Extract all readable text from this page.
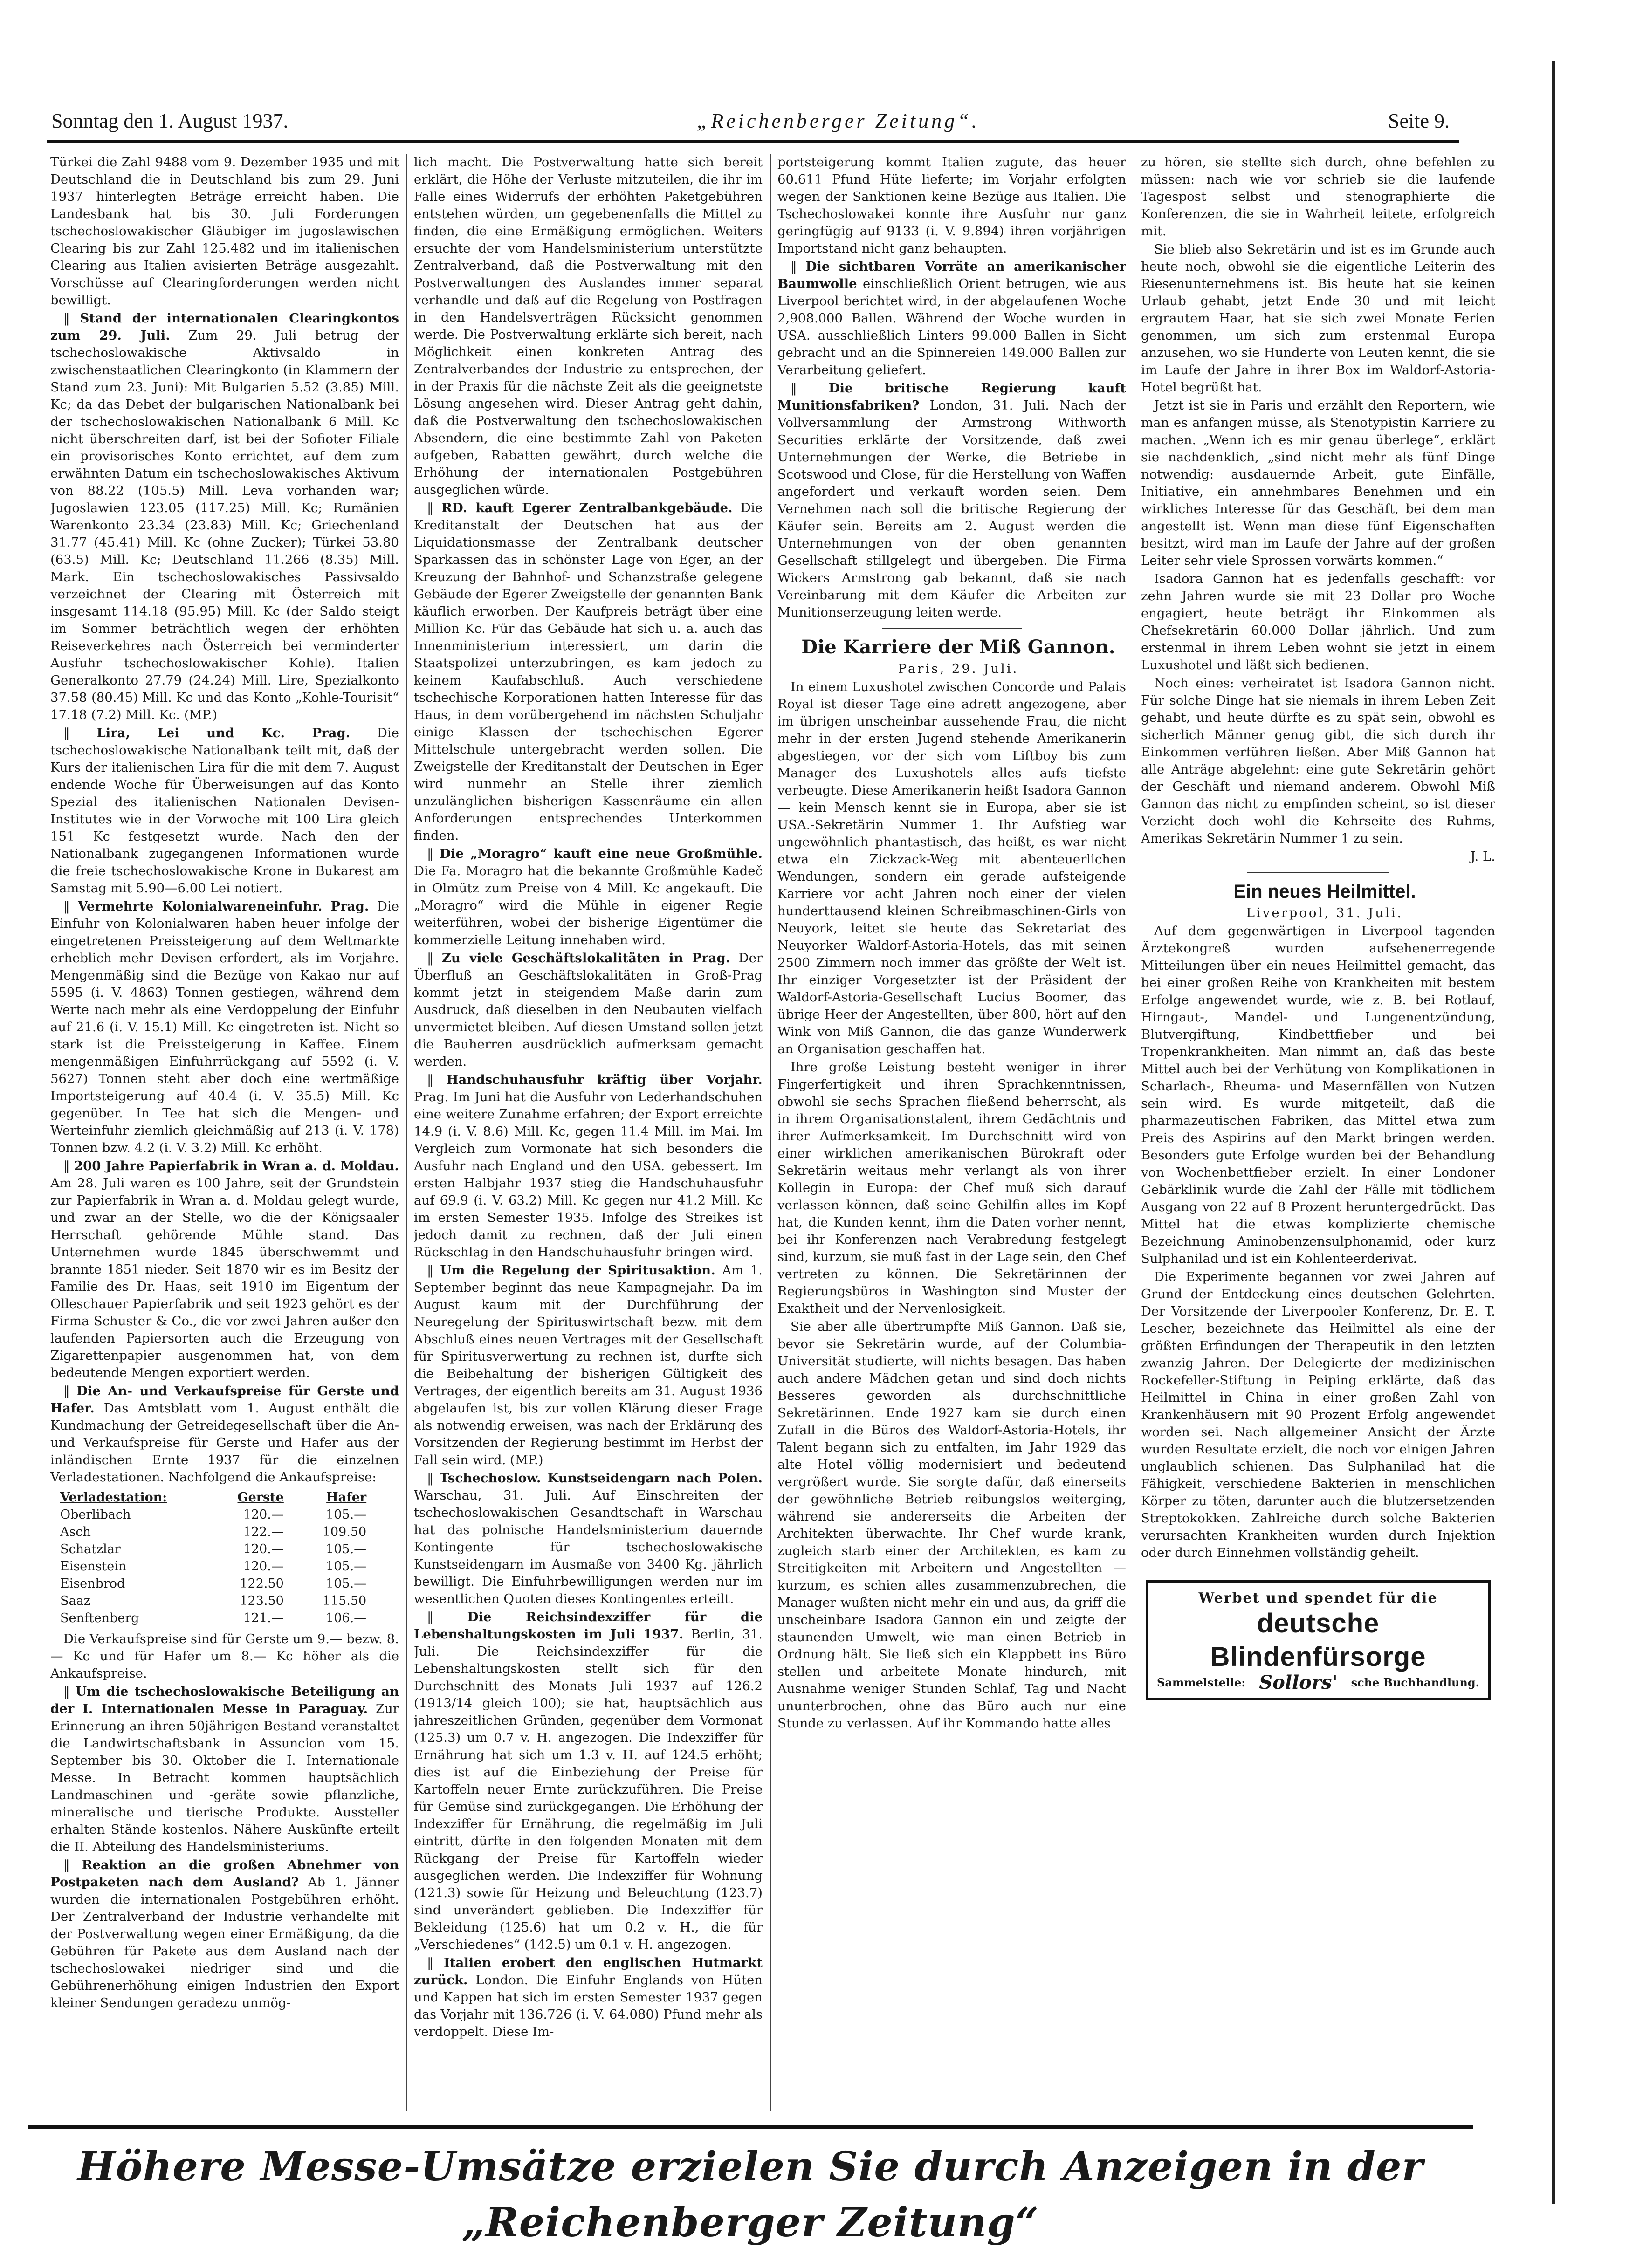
Sonntag den 1. August 1937.	„Reichenberger Zeitung“.	Seite 9.

Türkei die Zahl 9488 vom 9. Dezember 1935 und mit Deutschland die in Deutschland bis zum 29. Juni 1937 hinterlegten Beträge erreicht haben. Die Landesbank hat bis 30. Juli Forderungen tschechoslowakischer Gläubiger im jugoslawischen Clearing bis zur Zahl 125.482 und im italienischen Clearing aus Italien avisierten Beträge ausgezahlt. Vorschüsse auf Clearingforderungen werden nicht bewilligt.

‖ Stand der internationalen Clearingkontos zum 29. Juli. Zum 29. Juli betrug der tschechoslowakische Aktivsaldo in zwischenstaatlichen Clearingkonto (in Klammern der Stand zum 23. Juni): Mit Bulgarien 5.52 (3.85) Mill. Kc; da das Debet der bulgarischen Nationalbank bei der tschechoslowakischen Nationalbank 6 Mill. Kc nicht überschreiten darf, ist bei der Sofioter Filiale ein provisorisches Konto errichtet, auf dem zum erwähnten Datum ein tschechoslowakisches Aktivum von 88.22 (105.5) Mill. Leva vorhanden war; Jugoslawien 123.05 (117.25) Mill. Kc; Rumänien Warenkonto 23.34 (23.83) Mill. Kc; Griechenland 31.77 (45.41) Mill. Kc (ohne Zucker); Türkei 53.80 (63.5) Mill. Kc; Deutschland 11.266 (8.35) Mill. Mark. Ein tschechoslowakisches Passivsaldo verzeichnet der Clearing mit Österreich mit insgesamt 114.18 (95.95) Mill. Kc (der Saldo steigt im Sommer beträchtlich wegen der erhöhten Reiseverkehres nach Österreich bei verminderter Ausfuhr tschechoslowakischer Kohle). Italien Generalkonto 27.79 (24.24) Mill. Lire, Spezialkonto 37.58 (80.45) Mill. Kc und das Konto „Kohle-Tourisit“ 17.18 (7.2) Mill. Kc. (MP.)

‖ Lira, Lei und Kc. Prag. Die tschechoslowakische Nationalbank teilt mit, daß der Kurs der italienischen Lira für die mit dem 7. August endende Woche für Überweisungen auf das Konto Spezial des italienischen Nationalen Devisen-Institutes wie in der Vorwoche mit 100 Lira gleich 151 Kc festgesetzt wurde. Nach den der Nationalbank zugegangenen Informationen wurde die freie tschechoslowakische Krone in Bukarest am Samstag mit 5.90—6.00 Lei notiert.

‖ Vermehrte Kolonialwareneinfuhr. Prag. Die Einfuhr von Kolonialwaren haben heuer infolge der eingetretenen Preissteigerung auf dem Weltmarkte erheblich mehr Devisen erfordert, als im Vorjahre. Mengenmäßig sind die Bezüge von Kakao nur auf 5595 (i. V. 4863) Tonnen gestiegen, während dem Werte nach mehr als eine Verdoppelung der Einfuhr auf 21.6 (i. V. 15.1) Mill. Kc eingetreten ist. Nicht so stark ist die Preissteigerung in Kaffee. Einem mengenmäßigen Einfuhrrückgang auf 5592 (i. V. 5627) Tonnen steht aber doch eine wertmäßige Importsteigerung auf 40.4 (i. V. 35.5) Mill. Kc gegenüber. In Tee hat sich die Mengen- und Werteinfuhr ziemlich gleichmäßig auf 213 (i. V. 178) Tonnen bzw. 4.2 (i. V. 3.2) Mill. Kc erhöht.

‖ 200 Jahre Papierfabrik in Wran a. d. Moldau. Am 28. Juli waren es 100 Jahre, seit der Grundstein zur Papierfabrik in Wran a. d. Moldau gelegt wurde, und zwar an der Stelle, wo die der Königsaaler Herrschaft gehörende Mühle stand. Das Unternehmen wurde 1845 überschwemmt und brannte 1851 nieder. Seit 1870 wir es im Besitz der Familie des Dr. Haas, seit 1910 im Eigentum der Olleschauer Papierfabrik und seit 1923 gehört es der Firma Schuster & Co., die vor zwei Jahren außer den laufenden Papiersorten auch die Erzeugung von Zigarettenpapier ausgenommen hat, von dem bedeutende Mengen exportiert werden.

‖ Die An- und Verkaufspreise für Gerste und Hafer. Das Amtsblatt vom 1. August enthält die Kundmachung der Getreidegesellschaft über die An- und Verkaufspreise für Gerste und Hafer aus der inländischen Ernte 1937 für die einzelnen Verladestationen. Nachfolgend die Ankaufspreise:

Verladestation:	Gerste	Hafer
Oberlibach	120.—	105.—
Asch	122.—	109.50
Schatzlar	120.—	105.—
Eisenstein	120.—	105.—
Eisenbrod	122.50	105.—
Saaz	123.50	115.50
Senftenberg	121.—	106.—

Die Verkaufspreise sind für Gerste um 9.— bezw. 8.— Kc und für Hafer um 8.— Kc höher als die Ankaufspreise.

‖ Um die tschechoslowakische Beteiligung an der I. Internationalen Messe in Paraguay. Zur Erinnerung an ihren 50jährigen Bestand veranstaltet die Landwirtschaftsbank in Assuncion vom 15. September bis 30. Oktober die I. Internationale Messe. In Betracht kommen hauptsächlich Landmaschinen und -geräte sowie pflanzliche, mineralische und tierische Produkte. Aussteller erhalten Stände kostenlos. Nähere Auskünfte erteilt die II. Abteilung des Handelsministeriums.

‖ Reaktion an die großen Abnehmer von Postpaketen nach dem Ausland? Ab 1. Jänner wurden die internationalen Postgebühren erhöht. Der Zentralverband der Industrie verhandelte mit der Postverwaltung wegen einer Ermäßigung, da die Gebühren für Pakete aus dem Ausland nach der tschechoslowakei niedriger sind und die Gebührenerhöhung einigen Industrien den Export kleiner Sendungen geradezu unmög-

lich macht. Die Postverwaltung hatte sich bereit erklärt, die Höhe der Verluste mitzuteilen, die ihr im Falle eines Widerrufs der erhöhten Paketgebühren entstehen würden, um gegebenenfalls die Mittel zu finden, die eine Ermäßigung ermöglichen. Weiters ersuchte der vom Handelsministerium unterstützte Zentralverband, daß die Postverwaltung mit den Postverwaltungen des Auslandes immer separat verhandle und daß auf die Regelung von Postfragen in den Handelsverträgen Rücksicht genommen werde. Die Postverwaltung erklärte sich bereit, nach Möglichkeit einen konkreten Antrag des Zentralverbandes der Industrie zu entsprechen, der in der Praxis für die nächste Zeit als die geeignetste Lösung angesehen wird. Dieser Antrag geht dahin, daß die Postverwaltung den tschechoslowakischen Absendern, die eine bestimmte Zahl von Paketen aufgeben, Rabatten gewährt, durch welche die Erhöhung der internationalen Postgebühren ausgeglichen würde.

‖ RD. kauft Egerer Zentralbankgebäude. Die Kreditanstalt der Deutschen hat aus der Liquidationsmasse der Zentralbank deutscher Sparkassen das in schönster Lage von Eger, an der Kreuzung der Bahnhof- und Schanzstraße gelegene Gebäude der Egerer Zweigstelle der genannten Bank käuflich erworben. Der Kaufpreis beträgt über eine Million Kc. Für das Gebäude hat sich u. a. auch das Innenministerium interessiert, um darin die Staatspolizei unterzubringen, es kam jedoch zu keinem Kaufabschluß. Auch verschiedene tschechische Korporationen hatten Interesse für das Haus, in dem vorübergehend im nächsten Schuljahr einige Klassen der tschechischen Egerer Mittelschule untergebracht werden sollen. Die Zweigstelle der Kreditanstalt der Deutschen in Eger wird nunmehr an Stelle ihrer ziemlich unzulänglichen bisherigen Kassenräume ein allen Anforderungen entsprechendes Unterkommen finden.

‖ Die „Moragro“ kauft eine neue Großmühle. Die Fa. Moragro hat die bekannte Großmühle Kadeč in Olmütz zum Preise von 4 Mill. Kc angekauft. Die „Moragro“ wird die Mühle in eigener Regie weiterführen, wobei der bisherige Eigentümer die kommerzielle Leitung innehaben wird.

‖ Zu viele Geschäftslokalitäten in Prag. Der Überfluß an Geschäftslokalitäten in Groß-Prag kommt jetzt in steigendem Maße darin zum Ausdruck, daß dieselben in den Neubauten vielfach unvermietet bleiben. Auf diesen Umstand sollen jetzt die Bauherren ausdrücklich aufmerksam gemacht werden.

‖ Handschuhausfuhr kräftig über Vorjahr. Prag. Im Juni hat die Ausfuhr von Lederhandschuhen eine weitere Zunahme erfahren; der Export erreichte 14.9 (i. V. 8.6) Mill. Kc, gegen 11.4 Mill. im Mai. Im Vergleich zum Vormonate hat sich besonders die Ausfuhr nach England und den USA. gebessert. Im ersten Halbjahr 1937 stieg die Handschuhausfuhr auf 69.9 (i. V. 63.2) Mill. Kc gegen nur 41.2 Mill. Kc im ersten Semester 1935. Infolge des Streikes ist jedoch damit zu rechnen, daß der Juli einen Rückschlag in den Handschuhausfuhr bringen wird.

‖ Um die Regelung der Spiritusaktion. Am 1. September beginnt das neue Kampagnejahr. Da im August kaum mit der Durchführung der Neuregelung der Spirituswirtschaft bezw. mit dem Abschluß eines neuen Vertrages mit der Gesellschaft für Spiritusverwertung zu rechnen ist, durfte sich die Beibehaltung der bisherigen Gültigkeit des Vertrages, der eigentlich bereits am 31. August 1936 abgelaufen ist, bis zur vollen Klärung dieser Frage als notwendig erweisen, was nach der Erklärung des Vorsitzenden der Regierung bestimmt im Herbst der Fall sein wird. (MP.)

‖ Tschechoslow. Kunstseidengarn nach Polen. Warschau, 31. Juli. Auf Einschreiten der tschechoslowakischen Gesandtschaft in Warschau hat das polnische Handelsministerium dauernde Kontingente für tschechoslowakische Kunstseidengarn im Ausmaße von 3400 Kg. jährlich bewilligt. Die Einfuhrbewilligungen werden nur im wesentlichen Quoten dieses Kontingentes erteilt.

‖ Die Reichsindexziffer für die Lebenshaltungskosten im Juli 1937. Berlin, 31. Juli. Die Reichsindexziffer für die Lebenshaltungskosten stellt sich für den Durchschnitt des Monats Juli 1937 auf 126.2 (1913/14 gleich 100); sie hat, hauptsächlich aus jahreszeitlichen Gründen, gegenüber dem Vormonat (125.3) um 0.7 v. H. angezogen. Die Indexziffer für Ernährung hat sich um 1.3 v. H. auf 124.5 erhöht; dies ist auf die Einbeziehung der Preise für Kartoffeln neuer Ernte zurückzuführen. Die Preise für Gemüse sind zurückgegangen. Die Erhöhung der Indexziffer für Ernährung, die regelmäßig im Juli eintritt, dürfte in den folgenden Monaten mit dem Rückgang der Preise für Kartoffeln wieder ausgeglichen werden. Die Indexziffer für Wohnung (121.3) sowie für Heizung und Beleuchtung (123.7) sind unverändert geblieben. Die Indexziffer für Bekleidung (125.6) hat um 0.2 v. H., die für „Verschiedenes“ (142.5) um 0.1 v. H. angezogen.

‖ Italien erobert den englischen Hutmarkt zurück. London. Die Einfuhr Englands von Hüten und Kappen hat sich im ersten Semester 1937 gegen das Vorjahr mit 136.726 (i. V. 64.080) Pfund mehr als verdoppelt. Diese Im-

portsteigerung kommt Italien zugute, das heuer 60.611 Pfund Hüte lieferte; im Vorjahr erfolgten wegen der Sanktionen keine Bezüge aus Italien. Die Tschechoslowakei konnte ihre Ausfuhr nur ganz geringfügig auf 9133 (i. V. 9.894) ihren vorjährigen Importstand nicht ganz behaupten.

‖ Die sichtbaren Vorräte an amerikanischer Baumwolle einschließlich Orient betrugen, wie aus Liverpool berichtet wird, in der abgelaufenen Woche 2,908.000 Ballen. Während der Woche wurden in USA. ausschließlich Linters 99.000 Ballen in Sicht gebracht und an die Spinnereien 149.000 Ballen zur Verarbeitung geliefert.

‖ Die britische Regierung kauft Munitionsfabriken? London, 31. Juli. Nach der Vollversammlung der Armstrong Withworth Securities erklärte der Vorsitzende, daß zwei Unternehmungen der Werke, die Betriebe in Scotswood und Close, für die Herstellung von Waffen angefordert und verkauft worden seien. Dem Vernehmen nach soll die britische Regierung der Käufer sein. Bereits am 2. August werden die Unternehmungen von der oben genannten Gesellschaft stillgelegt und übergeben. Die Firma Wickers Armstrong gab bekannt, daß sie nach Vereinbarung mit dem Käufer die Arbeiten zur Munitionserzeugung leiten werde.

Die Karriere der Miß Gannon.

Paris, 29. Juli.

In einem Luxushotel zwischen Concorde und Palais Royal ist dieser Tage eine adrett angezogene, aber im übrigen unscheinbar aussehende Frau, die nicht mehr in der ersten Jugend stehende Amerikanerin abgestiegen, vor der sich vom Liftboy bis zum Manager des Luxushotels alles aufs tiefste verbeugte. Diese Amerikanerin heißt Isadora Gannon — kein Mensch kennt sie in Europa, aber sie ist USA.-Sekretärin Nummer 1. Ihr Aufstieg war ungewöhnlich phantastisch, das heißt, es war nicht etwa ein Zickzack-Weg mit abenteuerlichen Wendungen, sondern ein gerade aufsteigende Karriere vor acht Jahren noch einer der vielen hunderttausend kleinen Schreibmaschinen-Girls von Neuyork, leitet sie heute das Sekretariat des Neuyorker Waldorf-Astoria-Hotels, das mit seinen 2500 Zimmern noch immer das größte der Welt ist. Ihr einziger Vorgesetzter ist der Präsident der Waldorf-Astoria-Gesellschaft Lucius Boomer, das übrige Heer der Angestellten, über 800, hört auf den Wink von Miß Gannon, die das ganze Wunderwerk an Organisation geschaffen hat.

Ihre große Leistung besteht weniger in ihrer Fingerfertigkeit und ihren Sprachkenntnissen, obwohl sie sechs Sprachen fließend beherrscht, als in ihrem Organisationstalent, ihrem Gedächtnis und ihrer Aufmerksamkeit. Im Durchschnitt wird von einer wirklichen amerikanischen Bürokraft oder Sekretärin weitaus mehr verlangt als von ihrer Kollegin in Europa: der Chef muß sich darauf verlassen können, daß seine Gehilfin alles im Kopf hat, die Kunden kennt, ihm die Daten vorher nennt, bei ihr Konferenzen nach Verabredung festgelegt sind, kurzum, sie muß fast in der Lage sein, den Chef vertreten zu können. Die Sekretärinnen der Regierungsbüros in Washington sind Muster der Exaktheit und der Nervenlosigkeit.

Sie aber alle übertrumpfte Miß Gannon. Daß sie, bevor sie Sekretärin wurde, auf der Columbia-Universität studierte, will nichts besagen. Das haben auch andere Mädchen getan und sind doch nichts Besseres geworden als durchschnittliche Sekretärinnen. Ende 1927 kam sie durch einen Zufall in die Büros des Waldorf-Astoria-Hotels, ihr Talent begann sich zu entfalten, im Jahr 1929 das alte Hotel völlig modernisiert und bedeutend vergrößert wurde. Sie sorgte dafür, daß einerseits der gewöhnliche Betrieb reibungslos weiterging, während sie andererseits die Arbeiten der Architekten überwachte. Ihr Chef wurde krank, zugleich starb einer der Architekten, es kam zu Streitigkeiten mit Arbeitern und Angestellten — kurzum, es schien alles zusammenzubrechen, die Manager wußten nicht mehr ein und aus, da griff die unscheinbare Isadora Gannon ein und zeigte der staunenden Umwelt, wie man einen Betrieb in Ordnung hält. Sie ließ sich ein Klappbett ins Büro stellen und arbeitete Monate hindurch, mit Ausnahme weniger Stunden Schlaf, Tag und Nacht ununterbrochen, ohne das Büro auch nur eine Stunde zu verlassen. Auf ihr Kommando hatte alles

zu hören, sie stellte sich durch, ohne befehlen zu müssen: nach wie vor schrieb sie die laufende Tagespost selbst und stenographierte die Konferenzen, die sie in Wahrheit leitete, erfolgreich mit.

Sie blieb also Sekretärin und ist es im Grunde auch heute noch, obwohl sie die eigentliche Leiterin des Riesenunternehmens ist. Bis heute hat sie keinen Urlaub gehabt, jetzt Ende 30 und mit leicht ergrautem Haar, hat sie sich zwei Monate Ferien genommen, um sich zum erstenmal Europa anzusehen, wo sie Hunderte von Leuten kennt, die sie im Laufe der Jahre in ihrer Box im Waldorf-Astoria-Hotel begrüßt hat.

Jetzt ist sie in Paris und erzählt den Reportern, wie man es anfangen müsse, als Stenotypistin Karriere zu machen. „Wenn ich es mir genau überlege“, erklärt sie nachdenklich, „sind nicht mehr als fünf Dinge notwendig: ausdauernde Arbeit, gute Einfälle, Initiative, ein annehmbares Benehmen und ein wirkliches Interesse für das Geschäft, bei dem man angestellt ist. Wenn man diese fünf Eigenschaften besitzt, wird man im Laufe der Jahre auf der großen Leiter sehr viele Sprossen vorwärts kommen.“

Isadora Gannon hat es jedenfalls geschafft: vor zehn Jahren wurde sie mit 23 Dollar pro Woche engagiert, heute beträgt ihr Einkommen als Chefsekretärin 60.000 Dollar jährlich. Und zum erstenmal in ihrem Leben wohnt sie jetzt in einem Luxushotel und läßt sich bedienen.

Noch eines: verheiratet ist Isadora Gannon nicht. Für solche Dinge hat sie niemals in ihrem Leben Zeit gehabt, und heute dürfte es zu spät sein, obwohl es sicherlich Männer genug gibt, die sich durch ihr Einkommen verführen ließen. Aber Miß Gannon hat alle Anträge abgelehnt: eine gute Sekretärin gehört der Geschäft und niemand anderem. Obwohl Miß Gannon das nicht zu empfinden scheint, so ist dieser Verzicht doch wohl die Kehrseite des Ruhms, Amerikas Sekretärin Nummer 1 zu sein.

J. L.

Ein neues Heilmittel.

Liverpool, 31. Juli.

Auf dem gegenwärtigen in Liverpool tagenden Ärztekongreß wurden aufsehenerregende Mitteilungen über ein neues Heilmittel gemacht, das bei einer großen Reihe von Krankheiten mit bestem Erfolge angewendet wurde, wie z. B. bei Rotlauf, Hirngaut-, Mandel- und Lungenentzündung, Blutvergiftung, Kindbettfieber und bei Tropenkrankheiten. Man nimmt an, daß das beste Mittel auch bei der Verhütung von Komplikationen in Scharlach-, Rheuma- und Masernfällen von Nutzen sein wird. Es wurde mitgeteilt, daß die pharmazeutischen Fabriken, das Mittel etwa zum Preis des Aspirins auf den Markt bringen werden. Besonders gute Erfolge wurden bei der Behandlung von Wochenbettfieber erzielt. In einer Londoner Gebärklinik wurde die Zahl der Fälle mit tödlichem Ausgang von 22 auf 8 Prozent heruntergedrückt. Das Mittel hat die etwas komplizierte chemische Bezeichnung Aminobenzensulphonamid, oder kurz Sulphanilad und ist ein Kohlenteerderivat.

Die Experimente begannen vor zwei Jahren auf Grund der Entdeckung eines deutschen Gelehrten. Der Vorsitzende der Liverpooler Konferenz, Dr. E. T. Lescher, bezeichnete das Heilmittel als eine der größten Erfindungen der Therapeutik in den letzten zwanzig Jahren. Der Delegierte der medizinischen Rockefeller-Stiftung in Peiping erklärte, daß das Heilmittel in China in einer großen Zahl von Krankenhäusern mit 90 Prozent Erfolg angewendet worden sei. Nach allgemeiner Ansicht der Ärzte wurden Resultate erzielt, die noch vor einigen Jahren unglaublich schienen. Das Sulphanilad hat die Fähigkeit, verschiedene Bakterien in menschlichen Körper zu töten, darunter auch die blutzersetzenden Streptokokken. Zahlreiche durch solche Bakterien verursachten Krankheiten wurden durch Injektion oder durch Einnehmen vollständig geheilt.

Werbet und spendet für die
deutsche Blindenfürsorge
Sammelstelle: Sollors' sche Buchhandlung.
Höhere Messe-Umsätze erzielen Sie durch Anzeigen in der „Reichenberger Zeitung“
